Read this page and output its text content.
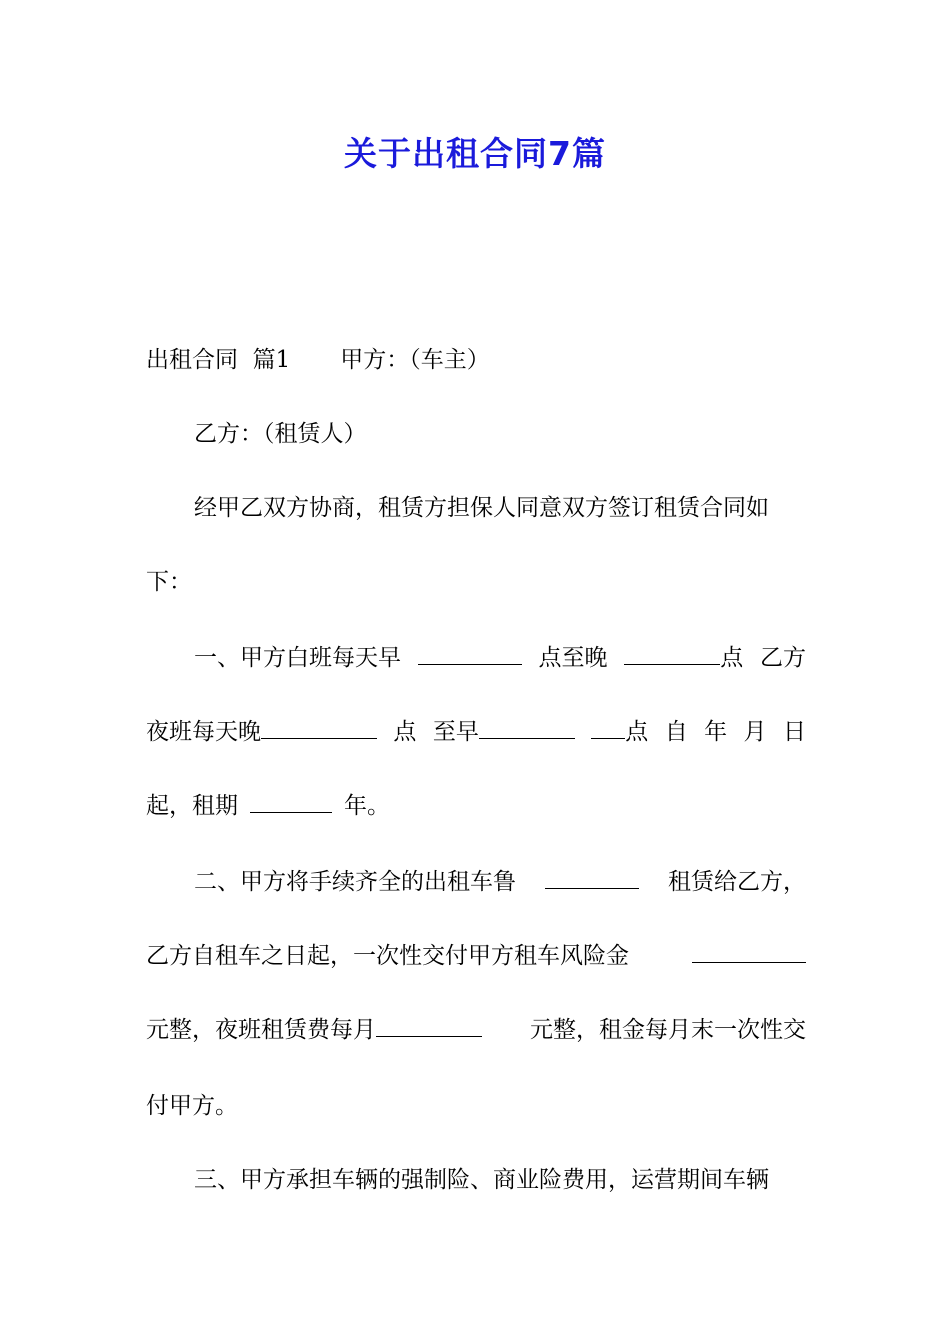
关于出租合同7篇
出租合同  篇1 甲方：（车主）
乙方：（租赁人）
经甲乙双方协商，租赁方担保人同意双方签订租赁合同如
下：
一、甲方白班每天早	点至晚	点 乙方
夜班每天晚	点 至早	点 自 年 月 日
起，租期	年。
二、甲方将手续齐全的出租车鲁	租赁给乙方，
乙方自租车之日起，一次性交付甲方租车风险金
元整，夜班租赁费每月	元整，租金每月末一次性交
付甲方。
三、甲方承担车辆的强制险、商业险费用，运营期间车辆
